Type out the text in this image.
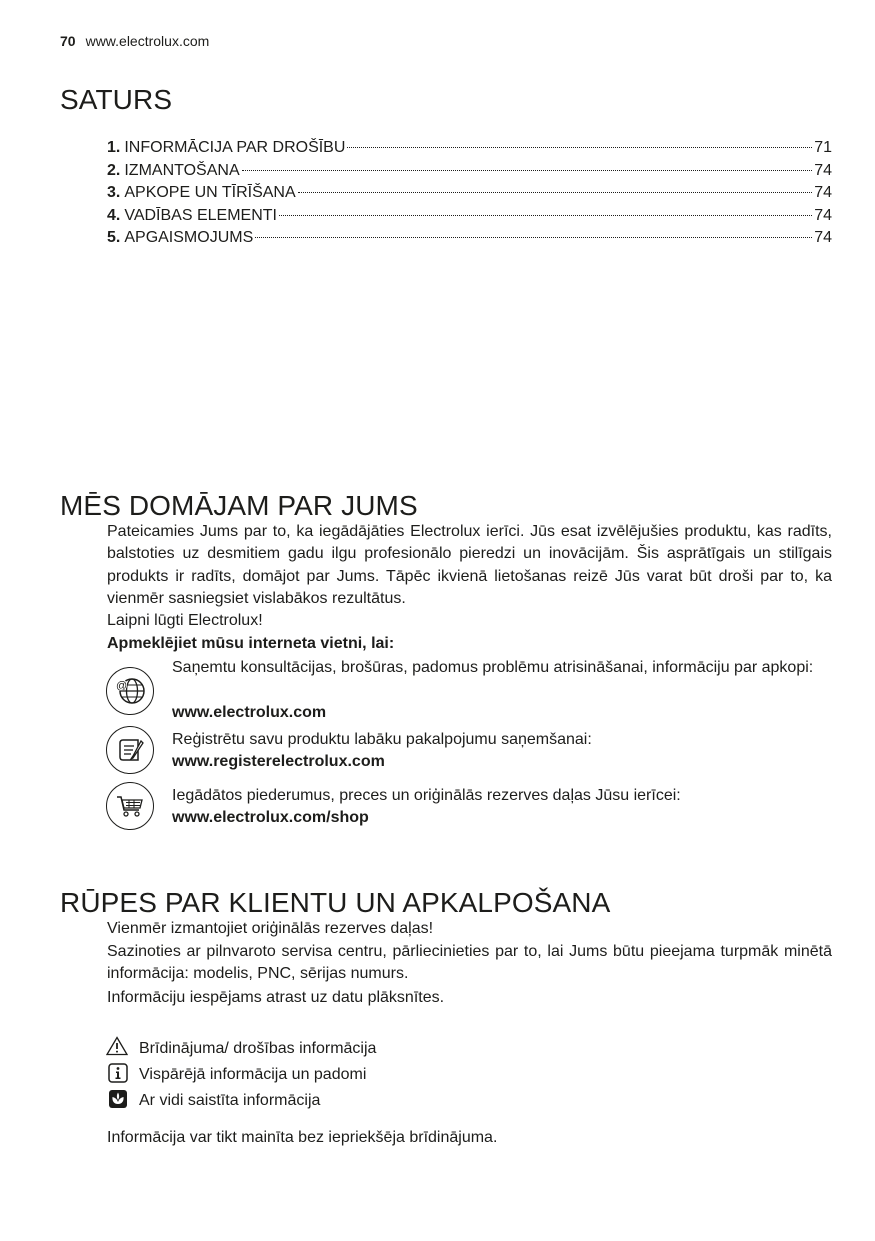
70 www.electrolux.com
SATURS
1. INFORMĀCIJA PAR DROŠĪBU	71
2. IZMANTOŠANA	74
3. APKOPE UN TĪRĪŠANA	74
4. VADĪBAS ELEMENTI	74
5. APGAISMOJUMS	74
MĒS DOMĀJAM PAR JUMS
Pateicamies Jums par to, ka iegādājāties Electrolux ierīci. Jūs esat izvēlējušies produktu, kas radīts, balstoties uz desmitiem gadu ilgu profesionālo pieredzi un inovācijām. Šis asprātīgais un stilīgais produkts ir radīts, domājot par Jums. Tāpēc ikvienā lietošanas reizē Jūs varat būt droši par to, ka vienmēr sasniegsiet vislabākos rezultātus.
Laipni lūgti Electrolux!
Apmeklējiet mūsu interneta vietni, lai:
@
Saņemtu konsultācijas, brošūras, padomus problēmu atrisināšanai, informāciju par apkopi:
www.electrolux.com
Reģistrētu savu produktu labāku pakalpojumu saņemšanai:
www.registerelectrolux.com
Iegādātos piederumus, preces un oriģinālās rezerves daļas Jūsu ierīcei:
www.electrolux.com/shop
RŪPES PAR KLIENTU UN APKALPOŠANA
Vienmēr izmantojiet oriģinālās rezerves daļas!
Sazinoties ar pilnvaroto servisa centru, pārliecinieties par to, lai Jums būtu pieejama turpmāk minētā informācija: modelis, PNC, sērijas numurs.
Informāciju iespējams atrast uz datu plāksnītes.
Brīdinājuma/ drošības informācija
Vispārējā informācija un padomi
Ar vidi saistīta informācija
Informācija var tikt mainīta bez iepriekšēja brīdinājuma.
